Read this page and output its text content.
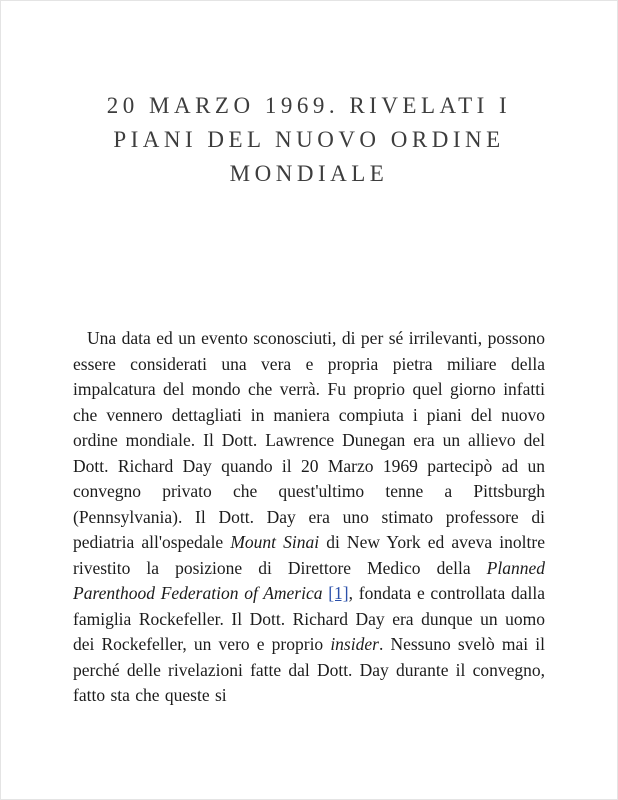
20 MARZO 1969. RIVELATI I PIANI DEL NUOVO ORDINE MONDIALE

Una data ed un evento sconosciuti, di per sé irrilevanti, possono essere considerati una vera e propria pietra miliare della impalcatura del mondo che verrà. Fu proprio quel giorno infatti che vennero dettagliati in maniera compiuta i piani del nuovo ordine mondiale. Il Dott. Lawrence Dunegan era un allievo del Dott. Richard Day quando il 20 Marzo 1969 partecipò ad un convegno privato che quest'ultimo tenne a Pittsburgh (Pennsylvania). Il Dott. Day era uno stimato professore di pediatria all'ospedale Mount Sinai di New York ed aveva inoltre rivestito la posizione di Direttore Medico della Planned Parenthood Federation of America [1], fondata e controllata dalla famiglia Rockefeller. Il Dott. Richard Day era dunque un uomo dei Rockefeller, un vero e proprio insider. Nessuno svelò mai il perché delle rivelazioni fatte dal Dott. Day durante il convegno, fatto sta che queste si
